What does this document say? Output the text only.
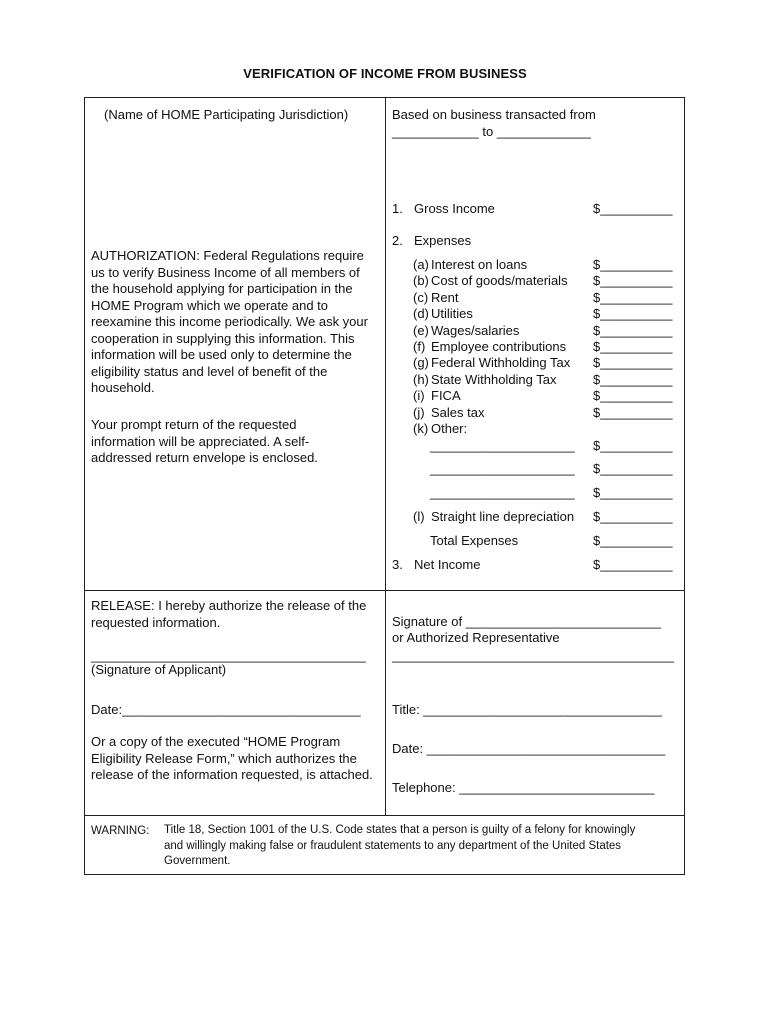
VERIFICATION OF INCOME FROM BUSINESS
(Name of HOME Participating Jurisdiction)
AUTHORIZATION: Federal Regulations require us to verify Business Income of all members of the household applying for participation in the HOME Program which we operate and to reexamine this income periodically. We ask your cooperation in supplying this information. This information will be used only to determine the eligibility status and level of benefit of the household.
Your prompt return of the requested information will be appreciated. A self-addressed return envelope is enclosed.
Based on business transacted from
____________ to _____________
1. Gross Income	$__________
2. Expenses
(a) Interest on loans	$__________
(b) Cost of goods/materials $__________
(c) Rent	$__________
(d) Utilities	$__________
(e) Wages/salaries	$__________
(f) Employee contributions $__________
(g) Federal Withholding Tax $__________
(h) State Withholding Tax	$__________
(i) FICA	$__________
(j) Sales tax	$__________
(k) Other:
____________________ $__________
____________________ $__________
____________________ $__________
(l) Straight line depreciation $__________
Total Expenses	$__________
3. Net Income	$__________
RELEASE: I hereby authorize the release of the requested information.
______________________________________
(Signature of Applicant)
Date:_________________________________
Or a copy of the executed “HOME Program Eligibility Release Form,” which authorizes the release of the information requested, is attached.
Signature of ___________________________
or Authorized Representative
_______________________________________
Title: _________________________________
Date: _________________________________
Telephone: ___________________________
WARNING: Title 18, Section 1001 of the U.S. Code states that a person is guilty of a felony for knowingly and willingly making false or fraudulent statements to any department of the United States Government.
